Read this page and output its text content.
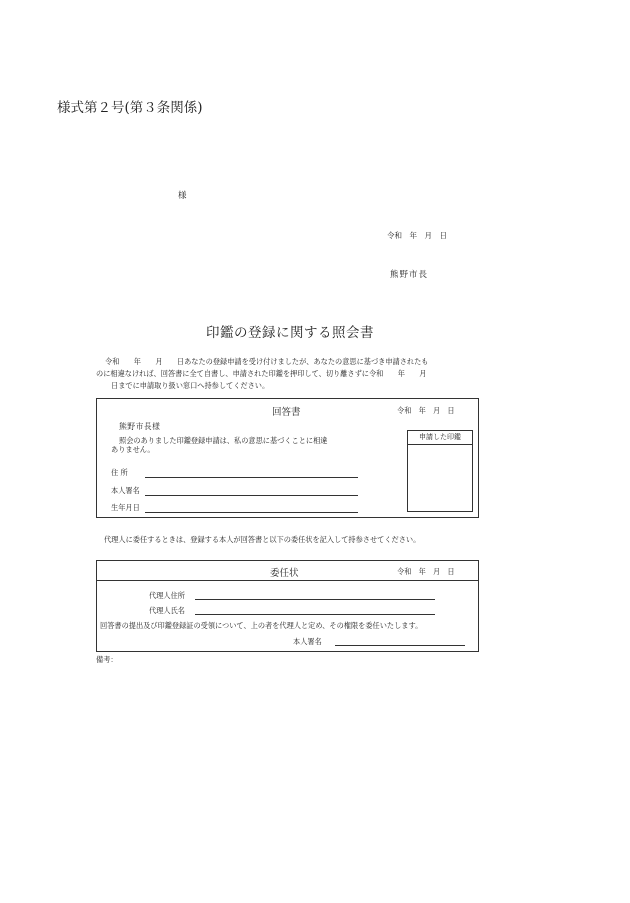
様式第２号(第３条関係)
様
令和　年　月　日
熊野市長
印鑑の登録に関する照会書
令和　　年　　月　　日あなたの登録申請を受け付けましたが、あなたの意思に基づき申請されたも
のに相違なければ、回答書に全て自書し、申請された印鑑を押印して、切り離さずに令和　　年　　月
日までに申請取り扱い窓口へ持参してください。
回答書	令和　年　月　日
熊野市長様
照会のありました印鑑登録申請は、私の意思に基づくことに相違
ありません。
住 所
本人署名
生年月日
申請した印鑑
代理人に委任するときは、登録する本人が回答書と以下の委任状を記入して持参させてください。
委任状	令和　年　月　日
代理人住所
代理人氏名
回答書の提出及び印鑑登録証の受領について、上の者を代理人と定め、その権限を委任いたします。
本人署名
備考：
